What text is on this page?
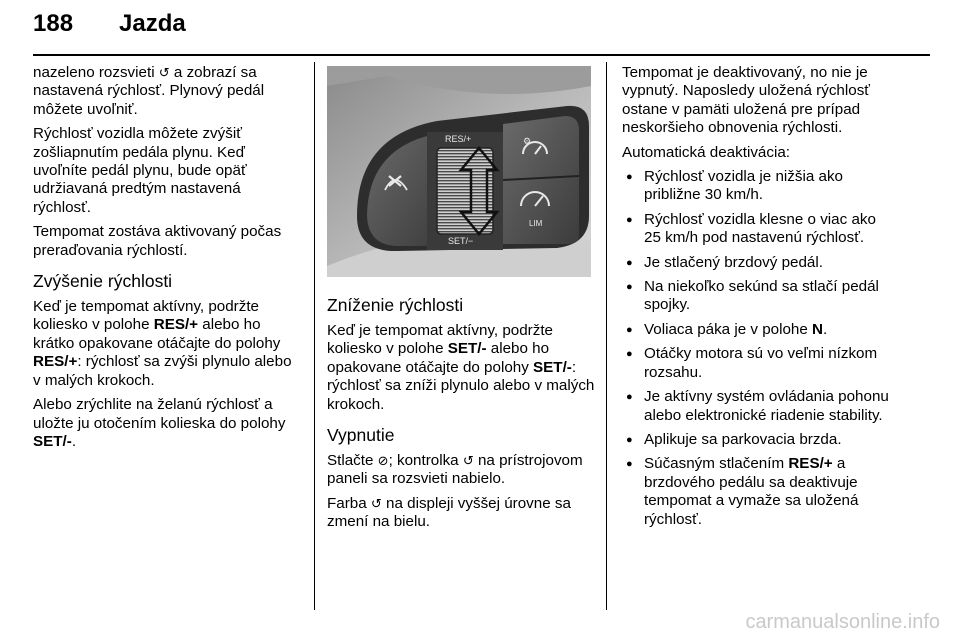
188	Jazda

nazeleno rozsvieti ↺ a zobrazí sa nastavená rýchlosť. Plynový pedál môžete uvoľniť.

Rýchlosť vozidla môžete zvýšiť zošliapnutím pedála plynu. Keď uvoľníte pedál plynu, bude opäť udržiavaná predtým nastavená rýchlosť.

Tempomat zostáva aktivovaný počas preraďovania rýchlostí.

Zvýšenie rýchlosti

Keď je tempomat aktívny, podržte koliesko v polohe RES/+ alebo ho krátko opakovane otáčajte do polohy RES/+: rýchlosť sa zvýši plynulo alebo v malých krokoch.

Alebo zrýchlite na želanú rýchlosť a uložte ju otočením kolieska do polohy SET/-.

⚙
LIM
RES/+
SET/−
Zníženie rýchlosti

Keď je tempomat aktívny, podržte koliesko v polohe SET/- alebo ho opakovane otáčajte do polohy SET/-: rýchlosť sa zníži plynulo alebo v malých krokoch.

Vypnutie

Stlačte ⊘; kontrolka ↺ na prístrojovom paneli sa rozsvieti nabielo.

Farba ↺ na displeji vyššej úrovne sa zmení na bielu.

Tempomat je deaktivovaný, no nie je vypnutý. Naposledy uložená rýchlosť ostane v pamäti uložená pre prípad neskoršieho obnovenia rýchlosti.

Automatická deaktivácia:

● Rýchlosť vozidla je nižšia ako približne 30 km/h.
● Rýchlosť vozidla klesne o viac ako 25 km/h pod nastavenú rýchlosť.
● Je stlačený brzdový pedál.
● Na niekoľko sekúnd sa stlačí pedál spojky.
● Voliaca páka je v polohe N.
● Otáčky motora sú vo veľmi nízkom rozsahu.
● Je aktívny systém ovládania pohonu alebo elektronické riadenie stability.
● Aplikuje sa parkovacia brzda.
● Súčasným stlačením RES/+ a brzdového pedálu sa deaktivuje tempomat a vymaže sa uložená rýchlosť.
carmanualsonline.info
